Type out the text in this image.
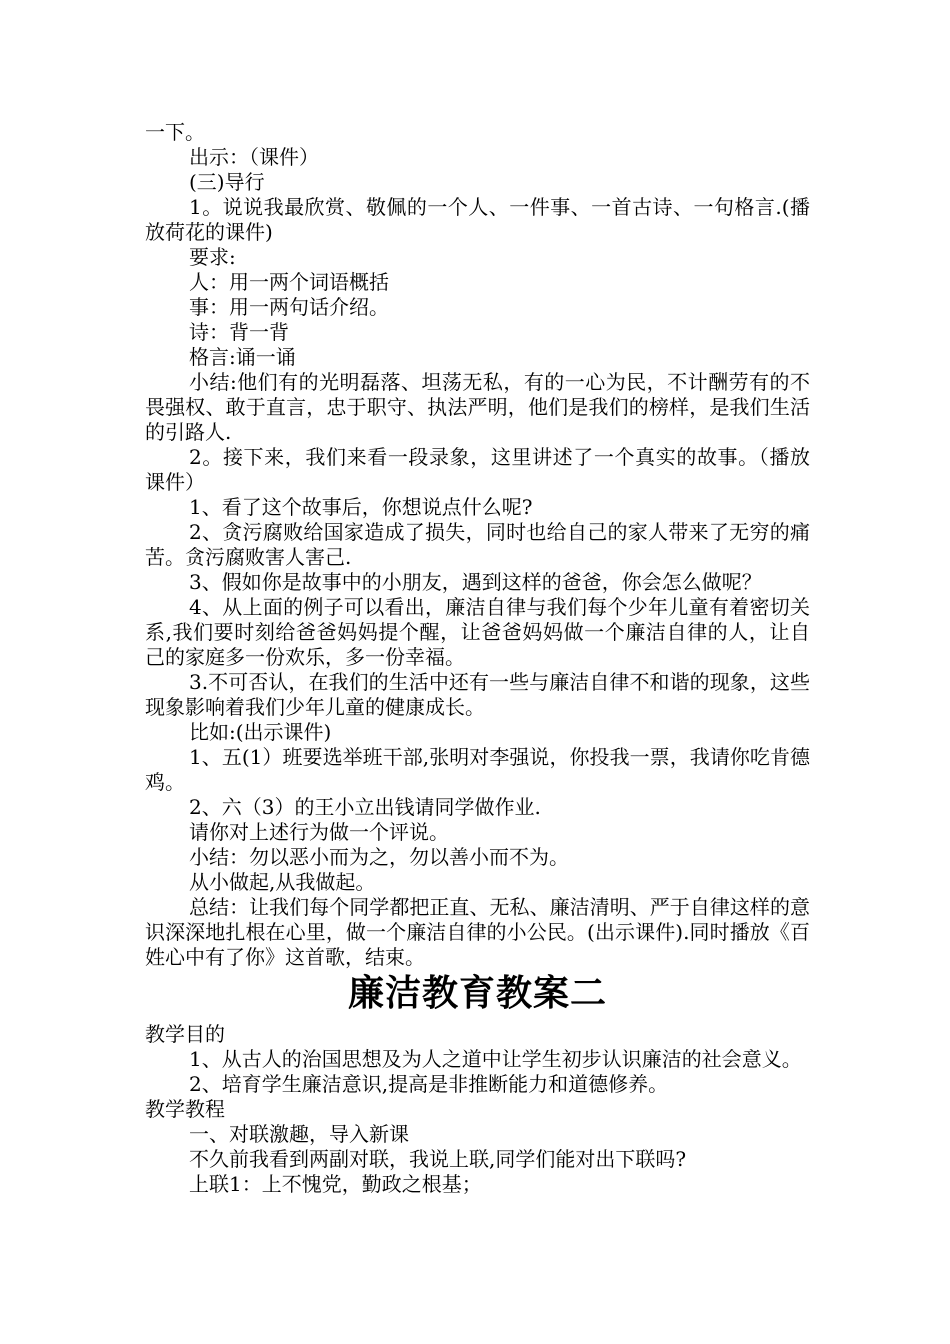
一下。

出示：（课件）

(三)导行

1。说说我最欣赏、敬佩的一个人、一件事、一首古诗、一句格言.(播放荷花的课件)

要求:

人：用一两个词语概括

事：用一两句话介绍。

诗：背一背

格言:诵一诵

小结:他们有的光明磊落、坦荡无私，有的一心为民，不计酬劳有的不畏强权、敢于直言，忠于职守、执法严明，他们是我们的榜样，是我们生活的引路人.

2。接下来，我们来看一段录象，这里讲述了一个真实的故事。（播放课件）

1、看了这个故事后，你想说点什么呢?

2、贪污腐败给国家造成了损失，同时也给自己的家人带来了无穷的痛苦。贪污腐败害人害己.

3、假如你是故事中的小朋友，遇到这样的爸爸，你会怎么做呢？

4、从上面的例子可以看出，廉洁自律与我们每个少年儿童有着密切关系,我们要时刻给爸爸妈妈提个醒，让爸爸妈妈做一个廉洁自律的人，让自己的家庭多一份欢乐，多一份幸福。

3.不可否认，在我们的生活中还有一些与廉洁自律不和谐的现象，这些现象影响着我们少年儿童的健康成长。

比如:(出示课件)

1、五(1）班要选举班干部,张明对李强说，你投我一票，我请你吃肯德鸡。

2、六（3）的王小立出钱请同学做作业.

请你对上述行为做一个评说。

小结：勿以恶小而为之，勿以善小而不为。

从小做起,从我做起。

总结：让我们每个同学都把正直、无私、廉洁清明、严于自律这样的意识深深地扎根在心里，做一个廉洁自律的小公民。(出示课件).同时播放《百姓心中有了你》这首歌，结束。

廉洁教育教案二

教学目的

1、从古人的治国思想及为人之道中让学生初步认识廉洁的社会意义。

2、培育学生廉洁意识,提高是非推断能力和道德修养。

教学教程

一、对联激趣，导入新课

不久前我看到两副对联，我说上联,同学们能对出下联吗?

上联1：上不愧党，勤政之根基；
